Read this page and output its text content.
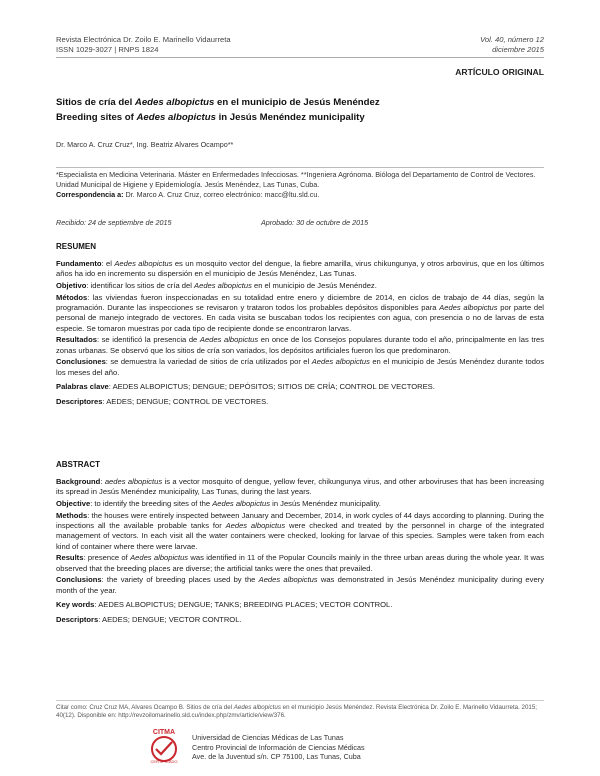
Revista Electrónica Dr. Zoilo E. Marinello Vidaurreta
ISSN 1029-3027 | RNPS 1824
Vol. 40, número 12
diciembre 2015
ARTÍCULO ORIGINAL
Sitios de cría del Aedes albopictus en el municipio de Jesús Menéndez
Breeding sites of Aedes albopictus in Jesús Menéndez municipality
Dr. Marco A. Cruz Cruz*, Ing. Beatriz Alvares Ocampo**
*Especialista en Medicina Veterinaria. Máster en Enfermedades Infecciosas. **Ingeniera Agrónoma. Bióloga del Departamento de Control de Vectores. Unidad Municipal de Higiene y Epidemiología. Jesús Menéndez, Las Tunas, Cuba.
Correspondencia a: Dr. Marco A. Cruz Cruz, correo electrónico: macc@ltu.sld.cu.
Recibido: 24 de septiembre de 2015	Aprobado: 30 de octubre de 2015
RESUMEN

Fundamento: el Aedes albopictus es un mosquito vector del dengue, la fiebre amarilla, virus chikungunya, y otros arbovirus, que en los últimos años ha ido en incremento su dispersión en el municipio de Jesús Menéndez, Las Tunas.

Objetivo: identificar los sitios de cría del Aedes albopictus en el municipio de Jesús Menéndez.

Métodos: las viviendas fueron inspeccionadas en su totalidad entre enero y diciembre de 2014, en ciclos de trabajo de 44 días, según la programación. Durante las inspecciones se revisaron y trataron todos los probables depósitos disponibles para Aedes albopictus por parte del personal de manejo integrado de vectores. En cada visita se buscaban todos los recipientes con agua, con presencia o no de larvas de esta especie. Se tomaron muestras por cada tipo de recipiente donde se encontraron larvas.

Resultados: se identificó la presencia de Aedes albopictus en once de los Consejos populares durante todo el año, principalmente en las tres zonas urbanas. Se observó que los sitios de cría son variados, los depósitos artificiales fueron los que predominaron.

Conclusiones: se demuestra la variedad de sitios de cría utilizados por el Aedes albopictus en el municipio de Jesús Menéndez durante todos los meses del año.

Palabras clave: AEDES ALBOPICTUS; DENGUE; DEPÓSITOS; SITIOS DE CRÍA; CONTROL DE VECTORES.

Descriptores: AEDES; DENGUE; CONTROL DE VECTORES.

ABSTRACT

Background: aedes albopictus is a vector mosquito of dengue, yellow fever, chikungunya virus, and other arboviruses that has been increasing its spread in Jesús Menéndez municipality, Las Tunas, during the last years.

Objective: to identify the breeding sites of the Aedes albopictus in Jesús Menéndez municipality.

Methods: the houses were entirely inspected between January and December, 2014, in work cycles of 44 days according to planning. During the inspections all the available probable tanks for Aedes albopictus were checked and treated by the personnel in charge of the integrated management of vectors. In each visit all the water containers were checked, looking for larvae of this species. Samples were taken from each kind of container where there were larvae.

Results: presence of Aedes albopictus was identified in 11 of the Popular Councils mainly in the three urban areas during the whole year. It was observed that the breeding places are diverse; the artificial tanks were the ones that prevailed.

Conclusions: the variety of breeding places used by the Aedes albopictus was demonstrated in Jesús Menéndez municipality during every month of the year.

Key words: AEDES ALBOPICTUS; DENGUE; TANKS; BREEDING PLACES; VECTOR CONTROL.

Descriptors: AEDES; DENGUE; VECTOR CONTROL.

Citar como: Cruz Cruz MA, Alvares Ocampo B. Sitios de cría del Aedes albopictus en el municipio Jesús Menéndez. Revista Electrónica Dr. Zoilo E. Marinello Vidaurreta. 2015; 40(12). Disponible en: http://revzoilomarinello.sld.cu/index.php/zmv/article/view/376.
CITMA
CERTIFICADO
Universidad de Ciencias Médicas de Las Tunas
Centro Provincial de Información de Ciencias Médicas
Ave. de la Juventud s/n. CP 75100, Las Tunas, Cuba
